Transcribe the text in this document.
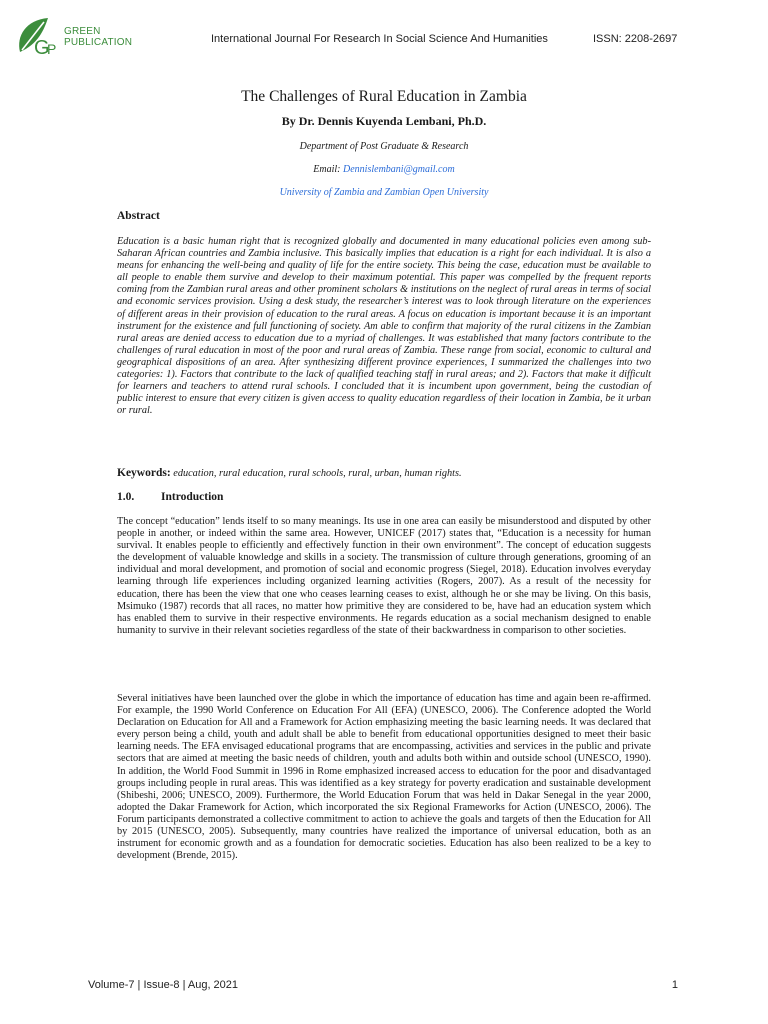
G
P
GREEN
PUBLICATION	International Journal For Research In Social Science And Humanities	ISSN: 2208-2697
The Challenges of Rural Education in Zambia
By Dr. Dennis Kuyenda Lembani, Ph.D.
Department of Post Graduate & Research
Email: Dennislembani@gmail.com
University of Zambia and Zambian Open University
Abstract
Education is a basic human right that is recognized globally and documented in many educational policies even among sub-Saharan African countries and Zambia inclusive. This basically implies that education is a right for each individual. It is also a means for enhancing the well-being and quality of life for the entire society. This being the case, education must be available to all people to enable them survive and develop to their maximum potential. This paper was compelled by the frequent reports coming from the Zambian rural areas and other prominent scholars & institutions on the neglect of rural areas in terms of social and economic services provision. Using a desk study, the researcher’s interest was to look through literature on the experiences of different areas in their provision of education to the rural areas. A focus on education is important because it is an important instrument for the existence and full functioning of society. Am able to confirm that majority of the rural citizens in the Zambian rural areas are denied access to education due to a myriad of challenges. It was established that many factors contribute to the challenges of rural education in most of the poor and rural areas of Zambia. These range from social, economic to cultural and geographical dispositions of an area. After synthesizing different province experiences, I summarized the challenges into two categories: 1). Factors that contribute to the lack of qualified teaching staff in rural areas; and 2). Factors that make it difficult for learners and teachers to attend rural schools. I concluded that it is incumbent upon government, being the custodian of public interest to ensure that every citizen is given access to quality education regardless of their location in Zambia, be it urban or rural.
Keywords: education, rural education, rural schools, rural, urban, human rights.
1.0. Introduction
The concept “education” lends itself to so many meanings. Its use in one area can easily be misunderstood and disputed by other people in another, or indeed within the same area. However, UNICEF (2017) states that, “Education is a necessity for human survival. It enables people to efficiently and effectively function in their own environment”. The concept of education suggests the development of valuable knowledge and skills in a society. The transmission of culture through generations, grooming of an individual and moral development, and promotion of social and economic progress (Siegel, 2018). Education involves everyday learning through life experiences including organized learning activities (Rogers, 2007). As a result of the necessity for education, there has been the view that one who ceases learning ceases to exist, although he or she may be living. On this basis, Msimuko (1987) records that all races, no matter how primitive they are considered to be, have had an education system which has enabled them to survive in their respective environments. He regards education as a social mechanism designed to enable humanity to survive in their relevant societies regardless of the state of their backwardness in comparison to other societies.
Several initiatives have been launched over the globe in which the importance of education has time and again been re-affirmed. For example, the 1990 World Conference on Education For All (EFA) (UNESCO, 2006). The Conference adopted the World Declaration on Education for All and a Framework for Action emphasizing meeting the basic learning needs. It was declared that every person being a child, youth and adult shall be able to benefit from educational opportunities designed to meet their basic learning needs. The EFA envisaged educational programs that are encompassing, activities and services in the public and private sectors that are aimed at meeting the basic needs of children, youth and adults both within and outside school (UNESCO, 1990). In addition, the World Food Summit in 1996 in Rome emphasized increased access to education for the poor and disadvantaged groups including people in rural areas. This was identified as a key strategy for poverty eradication and sustainable development (Shibeshi, 2006; UNESCO, 2009). Furthermore, the World Education Forum that was held in Dakar Senegal in the year 2000, adopted the Dakar Framework for Action, which incorporated the six Regional Frameworks for Action (UNESCO, 2006). The Forum participants demonstrated a collective commitment to action to achieve the goals and targets of then the Education for All by 2015 (UNESCO, 2005). Subsequently, many countries have realized the importance of universal education, both as an instrument for economic growth and as a foundation for democratic societies. Education has also been realized to be a key to development (Brende, 2015).
Volume-7 | Issue-8 | Aug, 2021	1
